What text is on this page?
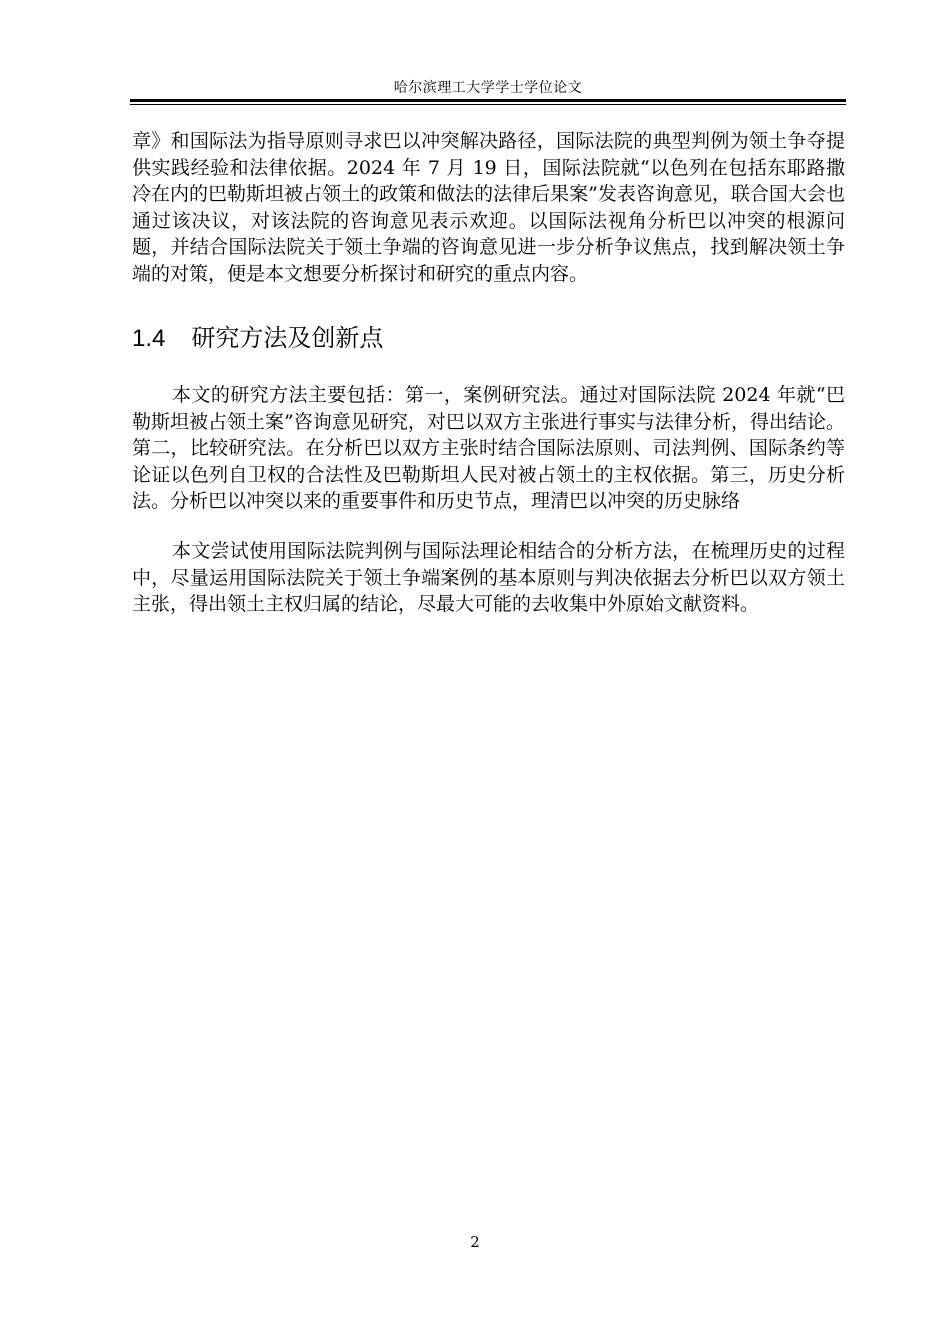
哈尔滨理工大学学士学位论文
章》和国际法为指导原则寻求巴以冲突解决路径，国际法院的典型判例为领土争夺提供实践经验和法律依据。2024 年 7 月 19 日，国际法院就“以色列在包括东耶路撒冷在内的巴勒斯坦被占领土的政策和做法的法律后果案”发表咨询意见，联合国大会也通过该决议，对该法院的咨询意见表示欢迎。以国际法视角分析巴以冲突的根源问题，并结合国际法院关于领土争端的咨询意见进一步分析争议焦点，找到解决领土争端的对策，便是本文想要分析探讨和研究的重点内容。
1.4 研究方法及创新点
本文的研究方法主要包括：第一，案例研究法。通过对国际法院 2024 年就“巴勒斯坦被占领土案”咨询意见研究，对巴以双方主张进行事实与法律分析，得出结论。第二，比较研究法。在分析巴以双方主张时结合国际法原则、司法判例、国际条约等论证以色列自卫权的合法性及巴勒斯坦人民对被占领土的主权依据。第三，历史分析法。分析巴以冲突以来的重要事件和历史节点，理清巴以冲突的历史脉络
本文尝试使用国际法院判例与国际法理论相结合的分析方法，在梳理历史的过程中，尽量运用国际法院关于领土争端案例的基本原则与判决依据去分析巴以双方领土主张，得出领土主权归属的结论，尽最大可能的去收集中外原始文献资料。
2
